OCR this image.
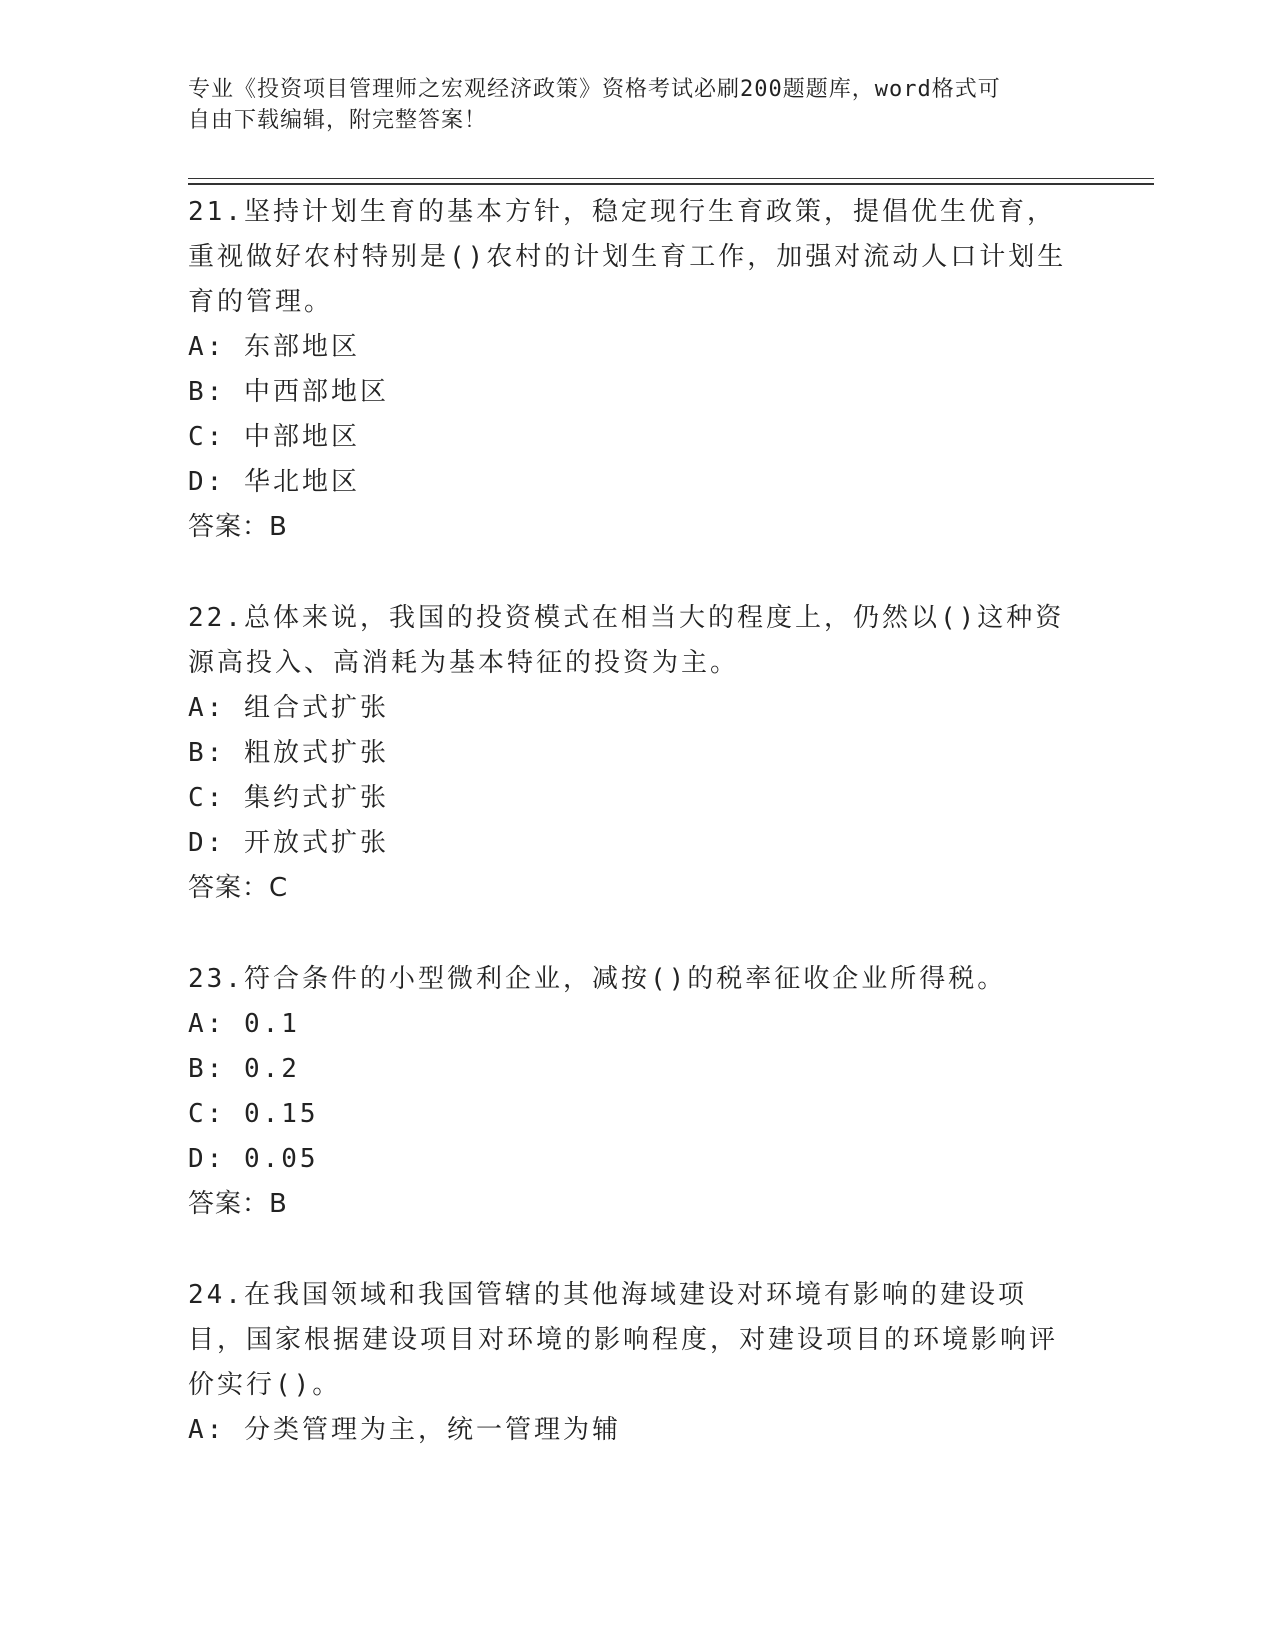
专业《投资项目管理师之宏观经济政策》资格考试必刷200题题库，word格式可
自由下载编辑，附完整答案！

21.坚持计划生育的基本方针，稳定现行生育政策，提倡优生优育，重视做好农村特别是()农村的计划生育工作，加强对流动人口计划生育的管理。

A: 东部地区

B: 中西部地区

C: 中部地区

D: 华北地区

答案：B

22.总体来说，我国的投资模式在相当大的程度上，仍然以()这种资源高投入、高消耗为基本特征的投资为主。

A: 组合式扩张

B: 粗放式扩张

C: 集约式扩张

D: 开放式扩张

答案：C

23.符合条件的小型微利企业，减按()的税率征收企业所得税。

A: 0.1

B: 0.2

C: 0.15

D: 0.05

答案：B

24.在我国领域和我国管辖的其他海域建设对环境有影响的建设项目，国家根据建设项目对环境的影响程度，对建设项目的环境影响评价实行()。

A: 分类管理为主，统一管理为辅
